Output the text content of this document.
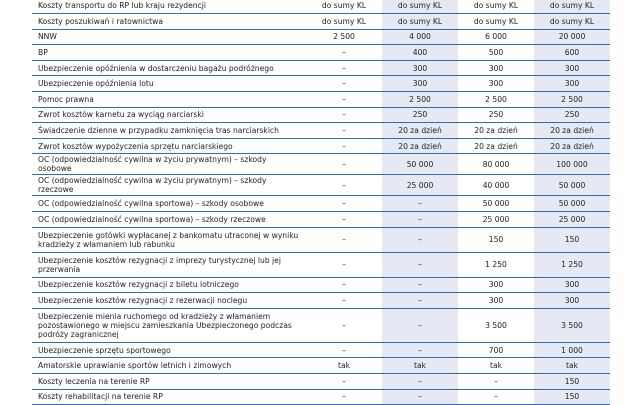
Koszty transportu do RP lub kraju rezydencji	do sumy KL	do sumy KL	do sumy KL	do sumy KL
Koszty poszukiwań i ratownictwa	do sumy KL	do sumy KL	do sumy KL	do sumy KL
NNW	2 500	4 000	6 000	20 000
BP	–	400	500	600
Ubezpieczenie opóźnienia w dostarczeniu bagażu podróżnego	–	300	300	300
Ubezpieczenie opóźnienia lotu	–	300	300	300
Pomoc prawna	–	2 500	2 500	2 500
Zwrot kosztów karnetu za wyciąg narciarski	–	250	250	250
Świadczenie dzienne w przypadku zamknięcia tras narciarskich	–	20 za dzień	20 za dzień	20 za dzień
Zwrot kosztów wypożyczenia sprzętu narciarskiego	–	20 za dzień	20 za dzień	20 za dzień
OC (odpowiedzialność cywilna w życiu prywatnym) – szkody osobowe	–	50 000	80 000	100 000
OC (odpowiedzialność cywilna w życiu prywatnym) – szkody rzeczowe	–	25 000	40 000	50 000
OC (odpowiedzialność cywilna sportowa) – szkody osobowe	–	–	50 000	50 000
OC (odpowiedzialność cywilna sportowa) – szkody rzeczowe	–	–	25 000	25 000
Ubezpieczenie gotówki wypłacanej z bankomatu utraconej w wyniku kradzieży z włamaniem lub rabunku	–	–	150	150
Ubezpieczenie kosztów rezygnacji z imprezy turystycznej lub jej przerwania	–	–	1 250	1 250
Ubezpieczenie kosztów rezygnacji z biletu lotniczego	–	–	300	300
Ubezpieczenie kosztów rezygnacji z rezerwacji noclegu	–	–	300	300
Ubezpieczenie mienia ruchomego od kradzieży z włamaniem pozostawionego w miejscu zamieszkania Ubezpieczonego podczas podróży zagranicznej	–	–	3 500	3 500
Ubezpieczenie sprzętu sportowego	–	–	700	1 000
Amatorskie uprawianie sportów letnich i zimowych	tak	tak	tak	tak
Koszty leczenia na terenie RP	–	–	–	150
Koszty rehabilitacji na terenie RP	–	–	–	150
